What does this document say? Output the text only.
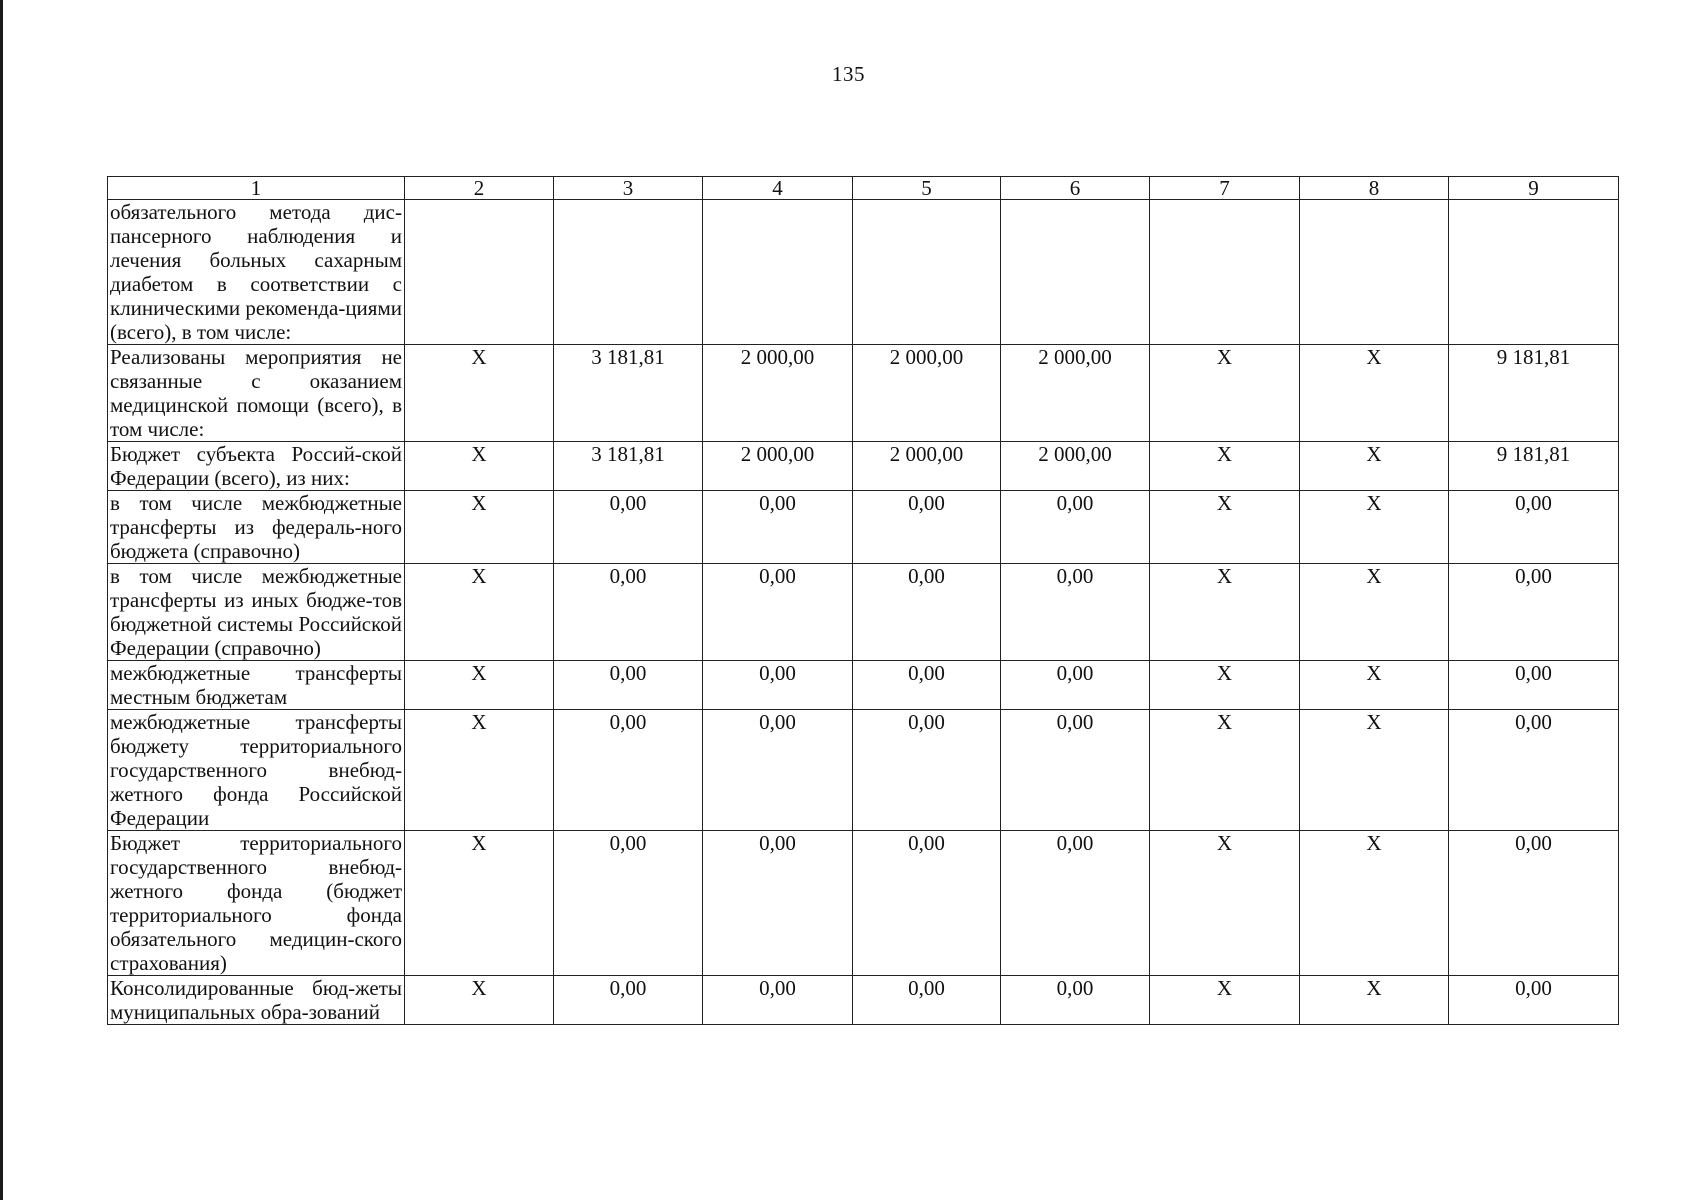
135
1	2	3	4	5	6	7	8	9
обязательного метода дис-пансерного наблюдения и лечения больных сахарным диабетом в соответствии с клиническими рекоменда-циями (всего), в том числе:								
Реализованы мероприятия не связанные с оказанием медицинской помощи (всего), в том числе:	Х	3 181,81	2 000,00	2 000,00	2 000,00	Х	Х	9 181,81
Бюджет субъекта Россий-ской Федерации (всего), из них:	Х	3 181,81	2 000,00	2 000,00	2 000,00	Х	Х	9 181,81
в том числе межбюджетные трансферты из федераль-ного бюджета (справочно)	Х	0,00	0,00	0,00	0,00	Х	Х	0,00
в том числе межбюджетные трансферты из иных бюдже-тов бюджетной системы Российской Федерации (справочно)	Х	0,00	0,00	0,00	0,00	Х	Х	0,00
межбюджетные трансферты местным бюджетам	Х	0,00	0,00	0,00	0,00	Х	Х	0,00
межбюджетные трансферты бюджету территориального государственного внебюд-жетного фонда Российской Федерации	Х	0,00	0,00	0,00	0,00	Х	Х	0,00
Бюджет территориального государственного внебюд-жетного фонда (бюджет территориального фонда обязательного медицин-ского страхования)	Х	0,00	0,00	0,00	0,00	Х	Х	0,00
Консолидированные бюд-жеты муниципальных обра-зований	Х	0,00	0,00	0,00	0,00	Х	Х	0,00
